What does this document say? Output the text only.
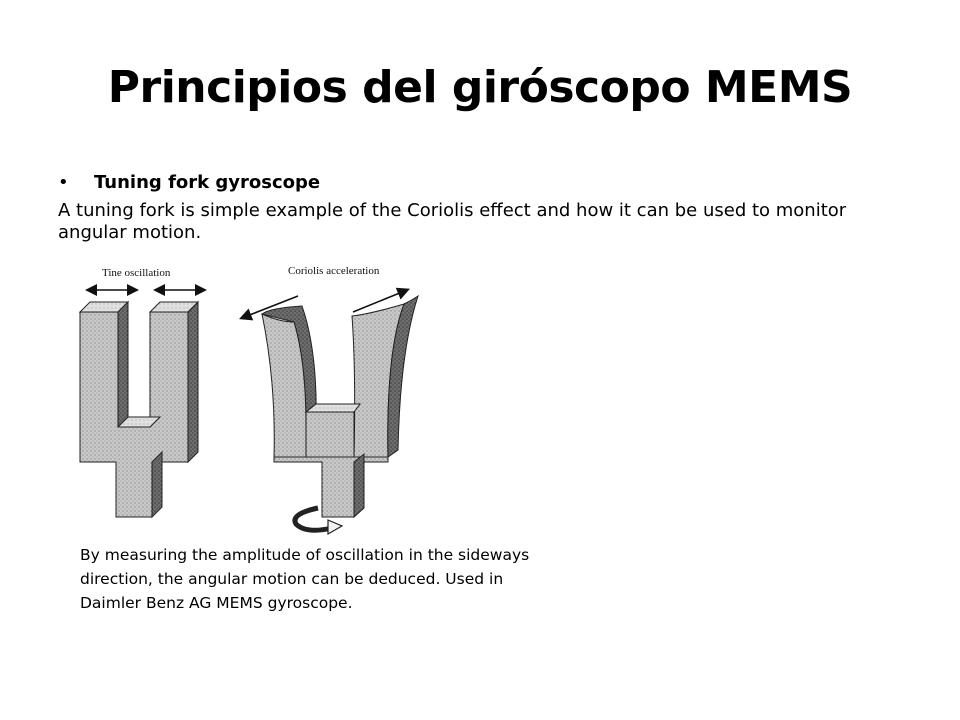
Principios del giróscopo MEMS
• Tuning fork gyroscope

A tuning fork is simple example of the Coriolis effect and how it can be used to monitor angular motion.

Tine oscillation	Coriolis acceleration

By measuring the amplitude of oscillation in the sideways direction, the angular motion can be deduced. Used in Daimler Benz AG MEMS gyroscope.
